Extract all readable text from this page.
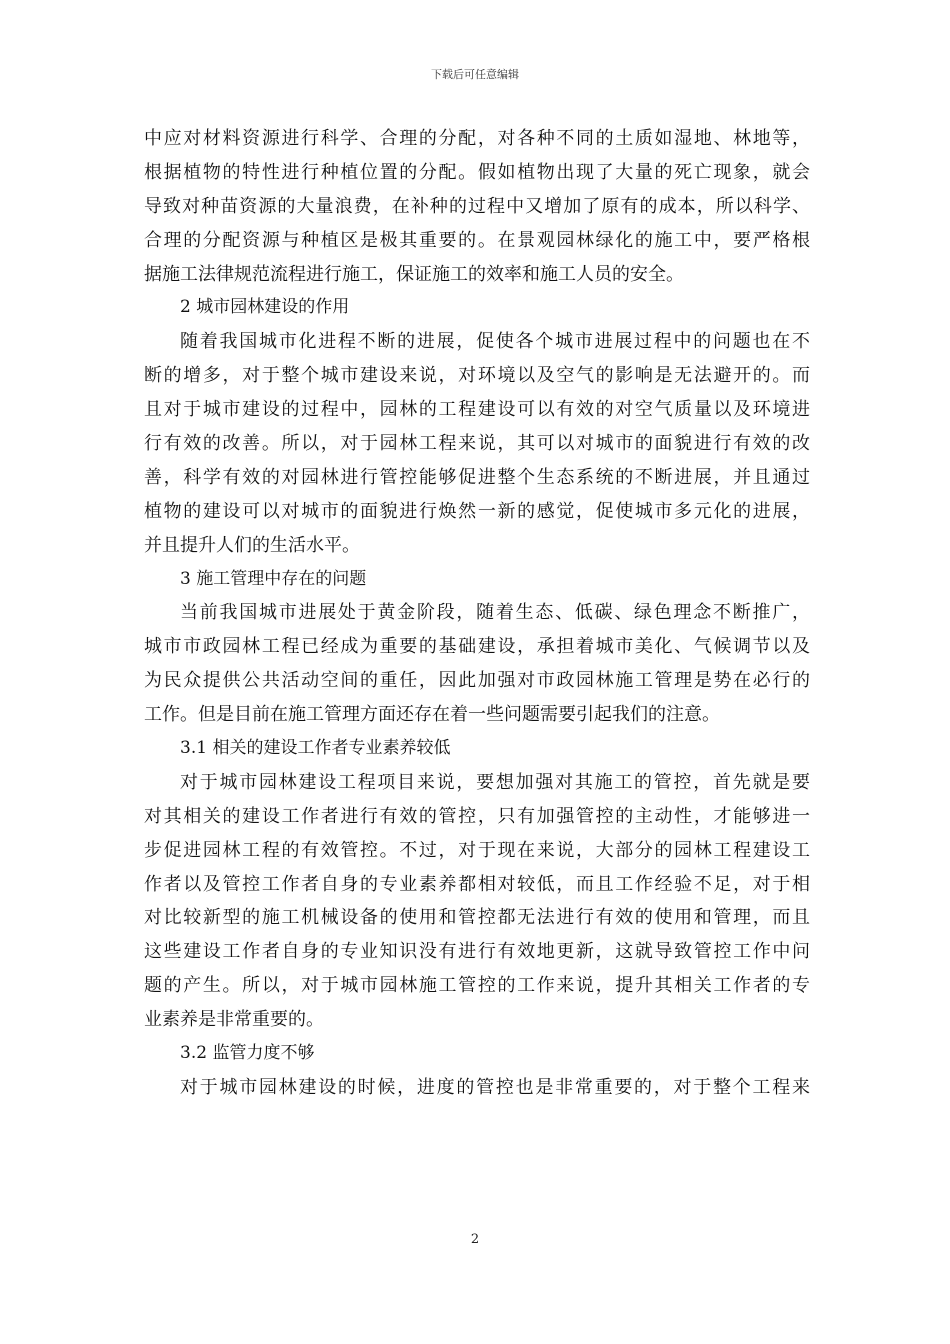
下载后可任意编辑
中应对材料资源进行科学、合理的分配，对各种不同的土质如湿地、林地等，
根据植物的特性进行种植位置的分配。假如植物出现了大量的死亡现象，就会
导致对种苗资源的大量浪费，在补种的过程中又增加了原有的成本，所以科学、
合理的分配资源与种植区是极其重要的。在景观园林绿化的施工中，要严格根
据施工法律规范流程进行施工，保证施工的效率和施工人员的安全。
2 城市园林建设的作用
随着我国城市化进程不断的进展，促使各个城市进展过程中的问题也在不
断的增多，对于整个城市建设来说，对环境以及空气的影响是无法避开的。而
且对于城市建设的过程中，园林的工程建设可以有效的对空气质量以及环境进
行有效的改善。所以，对于园林工程来说，其可以对城市的面貌进行有效的改
善，科学有效的对园林进行管控能够促进整个生态系统的不断进展，并且通过
植物的建设可以对城市的面貌进行焕然一新的感觉，促使城市多元化的进展，
并且提升人们的生活水平。
3 施工管理中存在的问题
当前我国城市进展处于黄金阶段，随着生态、低碳、绿色理念不断推广，
城市市政园林工程已经成为重要的基础建设，承担着城市美化、气候调节以及
为民众提供公共活动空间的重任，因此加强对市政园林施工管理是势在必行的
工作。但是目前在施工管理方面还存在着一些问题需要引起我们的注意。
3.1 相关的建设工作者专业素养较低
对于城市园林建设工程项目来说，要想加强对其施工的管控，首先就是要
对其相关的建设工作者进行有效的管控，只有加强管控的主动性，才能够进一
步促进园林工程的有效管控。不过，对于现在来说，大部分的园林工程建设工
作者以及管控工作者自身的专业素养都相对较低，而且工作经验不足，对于相
对比较新型的施工机械设备的使用和管控都无法进行有效的使用和管理，而且
这些建设工作者自身的专业知识没有进行有效地更新，这就导致管控工作中问
题的产生。所以，对于城市园林施工管控的工作来说，提升其相关工作者的专
业素养是非常重要的。
3.2 监管力度不够
对于城市园林建设的时候，进度的管控也是非常重要的，对于整个工程来
2
